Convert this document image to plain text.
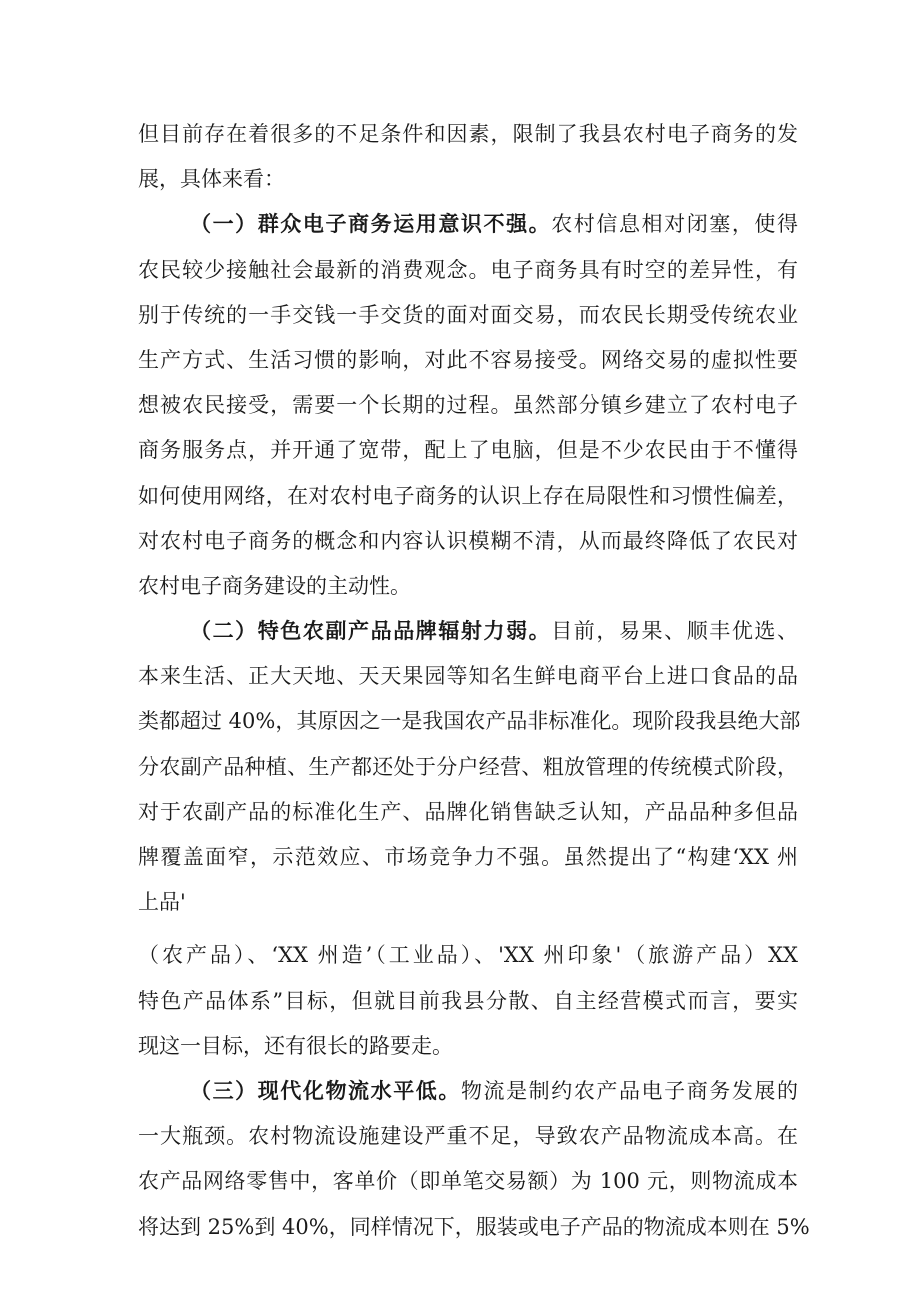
但目前存在着很多的不足条件和因素，限制了我县农村电子商务的发
展，具体来看：
（一）群众电子商务运用意识不强。农村信息相对闭塞，使得
农民较少接触社会最新的消费观念。电子商务具有时空的差异性，有
别于传统的一手交钱一手交货的面对面交易，而农民长期受传统农业
生产方式、生活习惯的影响，对此不容易接受。网络交易的虚拟性要
想被农民接受，需要一个长期的过程。虽然部分镇乡建立了农村电子
商务服务点，并开通了宽带，配上了电脑，但是不少农民由于不懂得
如何使用网络，在对农村电子商务的认识上存在局限性和习惯性偏差，
对农村电子商务的概念和内容认识模糊不清，从而最终降低了农民对
农村电子商务建设的主动性。
（二）特色农副产品品牌辐射力弱。目前，易果、顺丰优选、
本来生活、正大天地、天天果园等知名生鲜电商平台上进口食品的品
类都超过 40%，其原因之一是我国农产品非标准化。现阶段我县绝大部
分农副产品种植、生产都还处于分户经营、粗放管理的传统模式阶段，
对于农副产品的标准化生产、品牌化销售缺乏认知，产品品种多但品
牌覆盖面窄，示范效应、市场竞争力不强。虽然提出了“构建‘XX 州
上品'
（农产品）、‘XX 州造’（工业品）、'XX 州印象'（旅游产品）XX
特色产品体系”目标，但就目前我县分散、自主经营模式而言，要实
现这一目标，还有很长的路要走。
（三）现代化物流水平低。物流是制约农产品电子商务发展的
一大瓶颈。农村物流设施建设严重不足，导致农产品物流成本高。在
农产品网络零售中，客单价（即单笔交易额）为 100 元，则物流成本
将达到 25%到 40%，同样情况下，服装或电子产品的物流成本则在 5%
